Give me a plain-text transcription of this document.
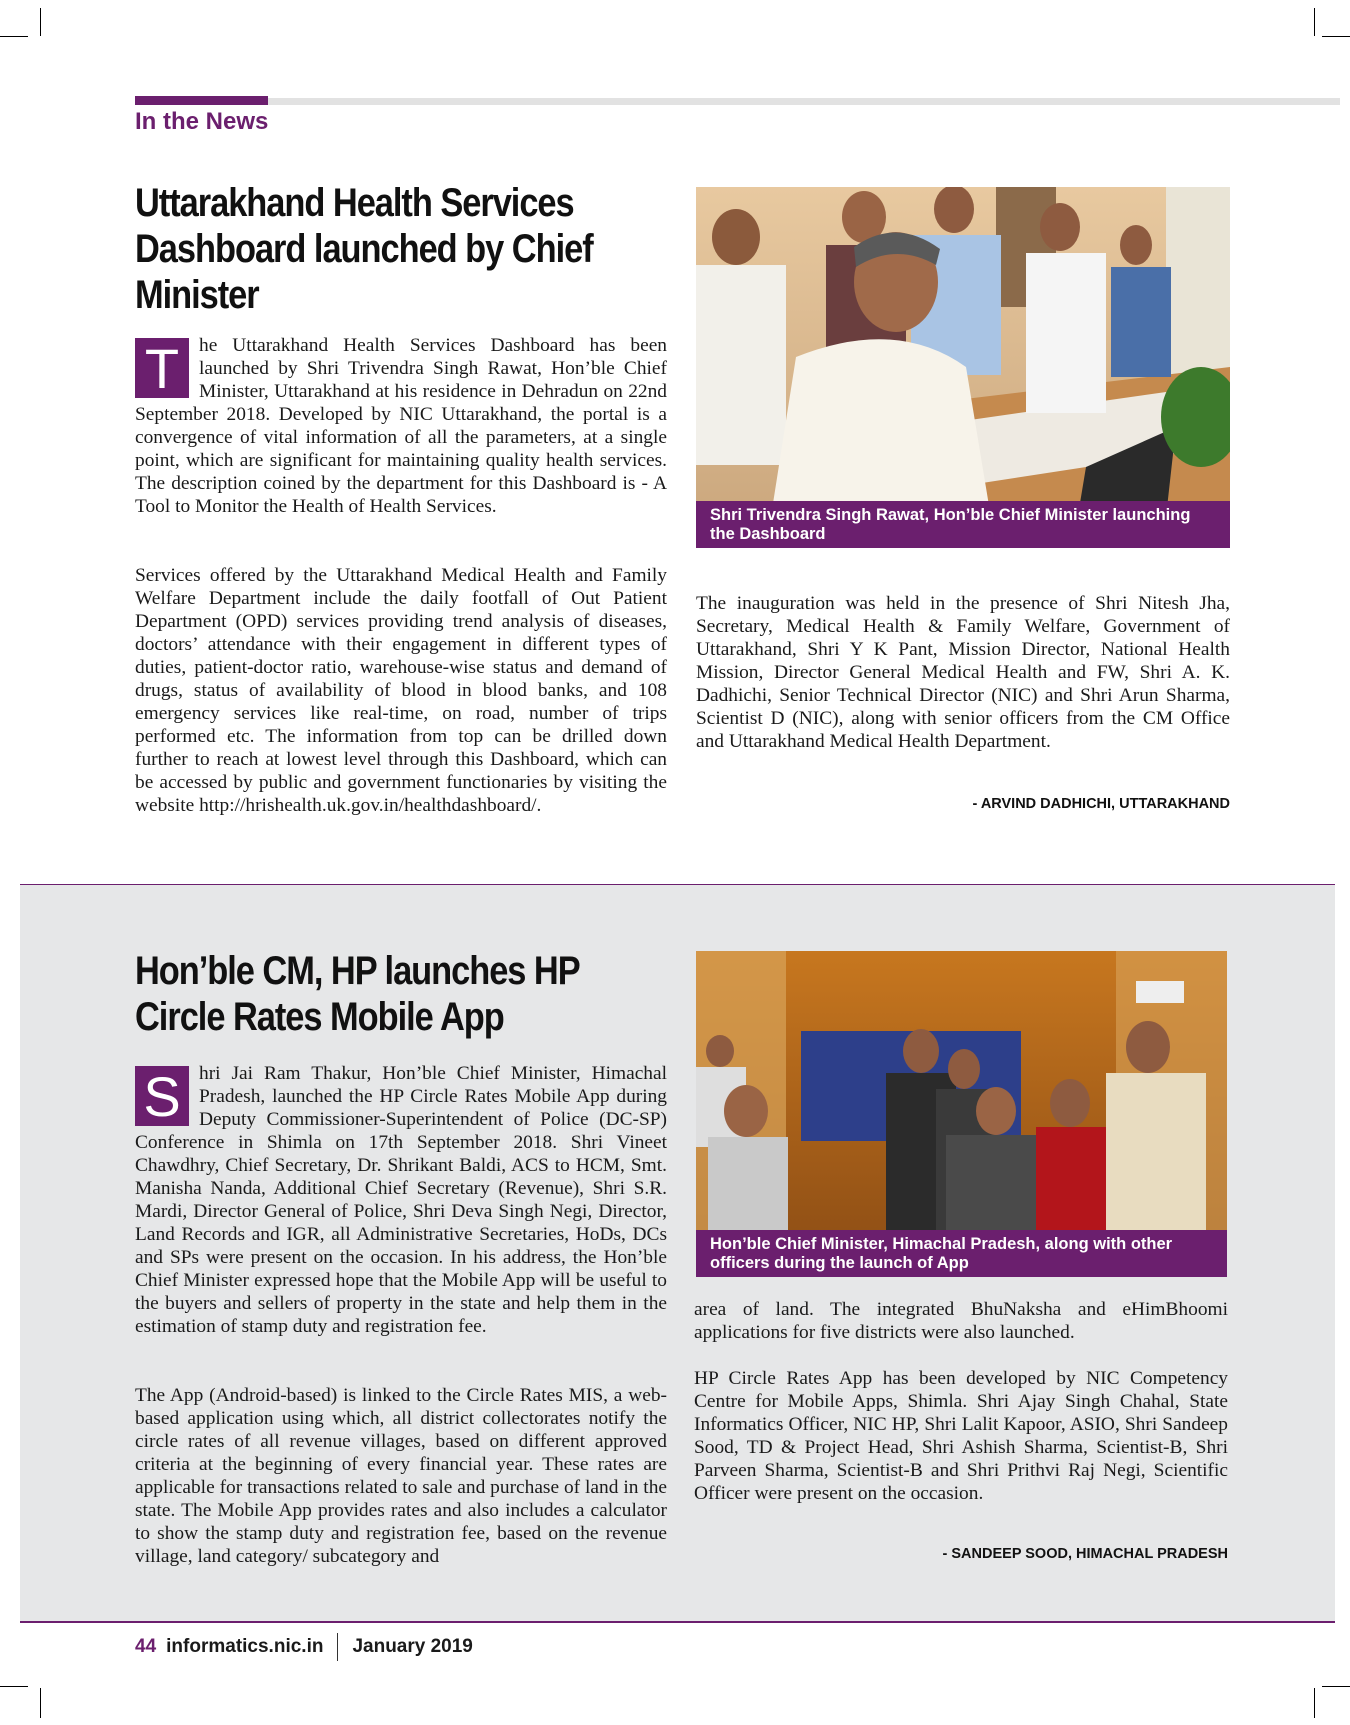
In the News
Uttarakhand Health Services Dashboard launched by Chief Minister

T	he Uttarakhand Health Services Dashboard has been launched by Shri Trivendra Singh Rawat, Hon’ble Chief Minister, Uttarakhand at his residence in Dehradun on 22nd September 2018. Developed by NIC Uttarakhand, the portal is a convergence of vital information of all the parameters, at a single point, which are significant for maintaining quality health services. The description coined by the department for this Dashboard is - A Tool to Monitor the Health of Health Services.

Services offered by the Uttarakhand Medical Health and Family Welfare Department include the daily footfall of Out Patient Department (OPD) services providing trend analysis of diseases, doctors’ attendance with their engagement in different types of duties, patient-doctor ratio, warehouse-wise status and demand of drugs, status of availability of blood in blood banks, and 108 emergency services like real-time, on road, number of trips performed etc. The information from top can be drilled down further to reach at lowest level through this Dashboard, which can be accessed by public and government functionaries by visiting the website http://hrishealth.uk.gov.in/healthdashboard/.

Shri Trivendra Singh Rawat, Hon’ble Chief Minister launching the Dashboard

The inauguration was held in the presence of Shri Nitesh Jha, Secretary, Medical Health & Family Welfare, Government of Uttarakhand, Shri Y K Pant, Mission Director, National Health Mission, Director General Medical Health and FW, Shri A. K. Dadhichi, Senior Technical Director (NIC) and Shri Arun Sharma, Scientist D (NIC), along with senior officers from the CM Office and Uttarakhand Medical Health Department.

- ARVIND DADHICHI, UTTARAKHAND

Hon’ble CM, HP launches HP Circle Rates Mobile App

S hri Jai Ram Thakur, Hon’ble Chief Minister, Himachal Pradesh, launched the HP Circle Rates Mobile App during Deputy Commissioner-Superintendent of Police (DC-SP) Conference in Shimla on 17th September 2018. Shri Vineet Chawdhry, Chief Secretary, Dr. Shrikant Baldi, ACS to HCM, Smt. Manisha Nanda, Additional Chief Secretary (Revenue), Shri S.R. Mardi, Director General of Police, Shri Deva Singh Negi, Director, Land Records and IGR, all Administrative Secretaries, HoDs, DCs and SPs were present on the occasion. In his address, the Hon’ble Chief Minister expressed hope that the Mobile App will be useful to the buyers and sellers of property in the state and help them in the estimation of stamp duty and registration fee.

The App (Android-based) is linked to the Circle Rates MIS, a web-based application using which, all district collectorates notify the circle rates of all revenue villages, based on different approved criteria at the beginning of every financial year. These rates are applicable for transactions related to sale and purchase of land in the state. The Mobile App provides rates and also includes a calculator to show the stamp duty and registration fee, based on the revenue village, land category/ subcategory and

Hon’ble Chief Minister, Himachal Pradesh, along with other officers during the launch of App

area of land. The integrated BhuNaksha and eHimBhoomi applications for five districts were also launched.

HP Circle Rates App has been developed by NIC Competency Centre for Mobile Apps, Shimla. Shri Ajay Singh Chahal, State Informatics Officer, NIC HP, Shri Lalit Kapoor, ASIO, Shri Sandeep Sood, TD & Project Head, Shri Ashish Sharma, Scientist-B, Shri Parveen Sharma, Scientist-B and Shri Prithvi Raj Negi, Scientific Officer were present on the occasion.

- SANDEEP SOOD, HIMACHAL PRADESH

44 informatics.nic.in January 2019
